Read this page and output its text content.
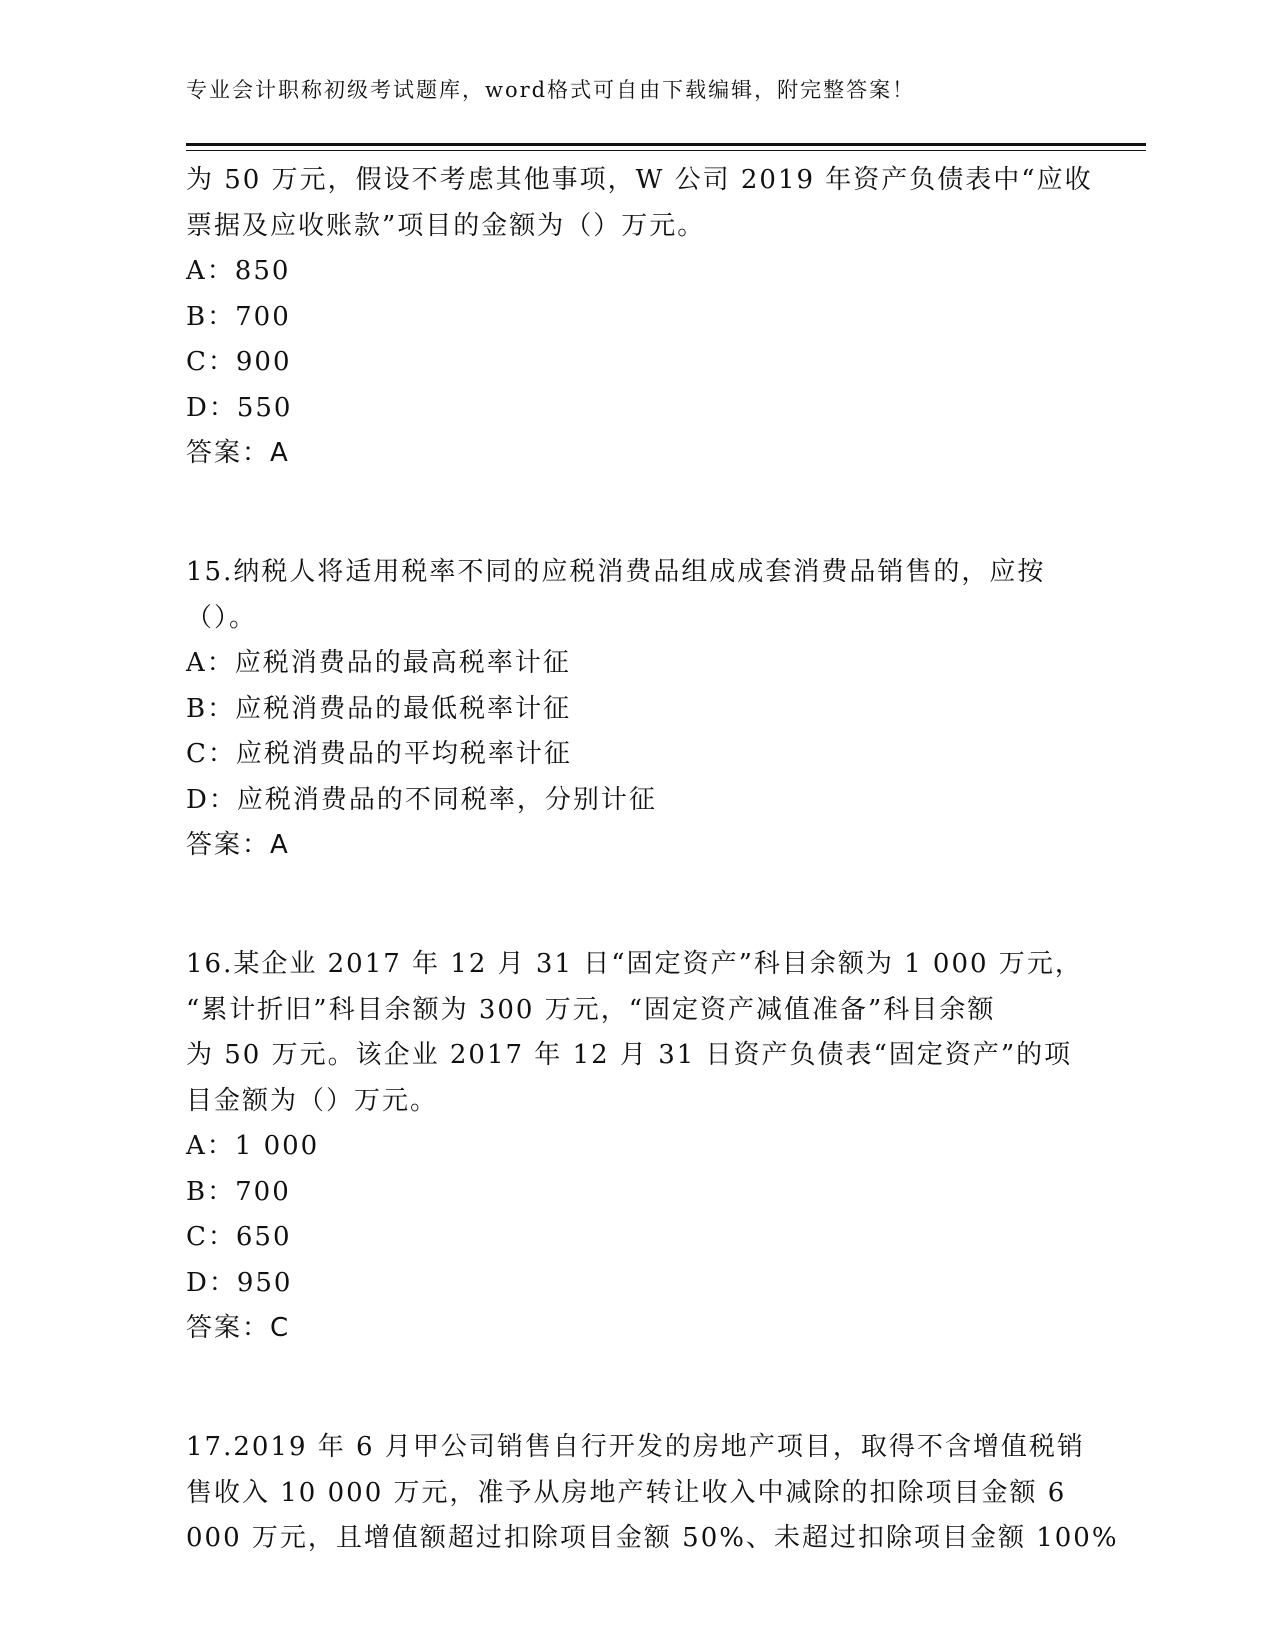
专业会计职称初级考试题库，word格式可自由下载编辑，附完整答案！
为 50 万元，假设不考虑其他事项，W 公司 2019 年资产负债表中“应收
票据及应收账款”项目的金额为（）万元。
A：850
B：700
C：900
D：550
答案：A
15.纳税人将适用税率不同的应税消费品组成成套消费品销售的，应按
（）。
A：应税消费品的最高税率计征
B：应税消费品的最低税率计征
C：应税消费品的平均税率计征
D：应税消费品的不同税率，分别计征
答案：A
16.某企业 2017 年 12 月 31 日“固定资产”科目余额为 1 000 万元，
“累计折旧”科目余额为 300 万元，“固定资产减值准备”科目余额
为 50 万元。该企业 2017 年 12 月 31 日资产负债表“固定资产”的项
目金额为（）万元。
A：1 000
B：700
C：650
D：950
答案：C
17.2019 年 6 月甲公司销售自行开发的房地产项目，取得不含增值税销
售收入 10 000 万元，准予从房地产转让收入中减除的扣除项目金额 6
000 万元，且增值额超过扣除项目金额 50%、未超过扣除项目金额 100%
